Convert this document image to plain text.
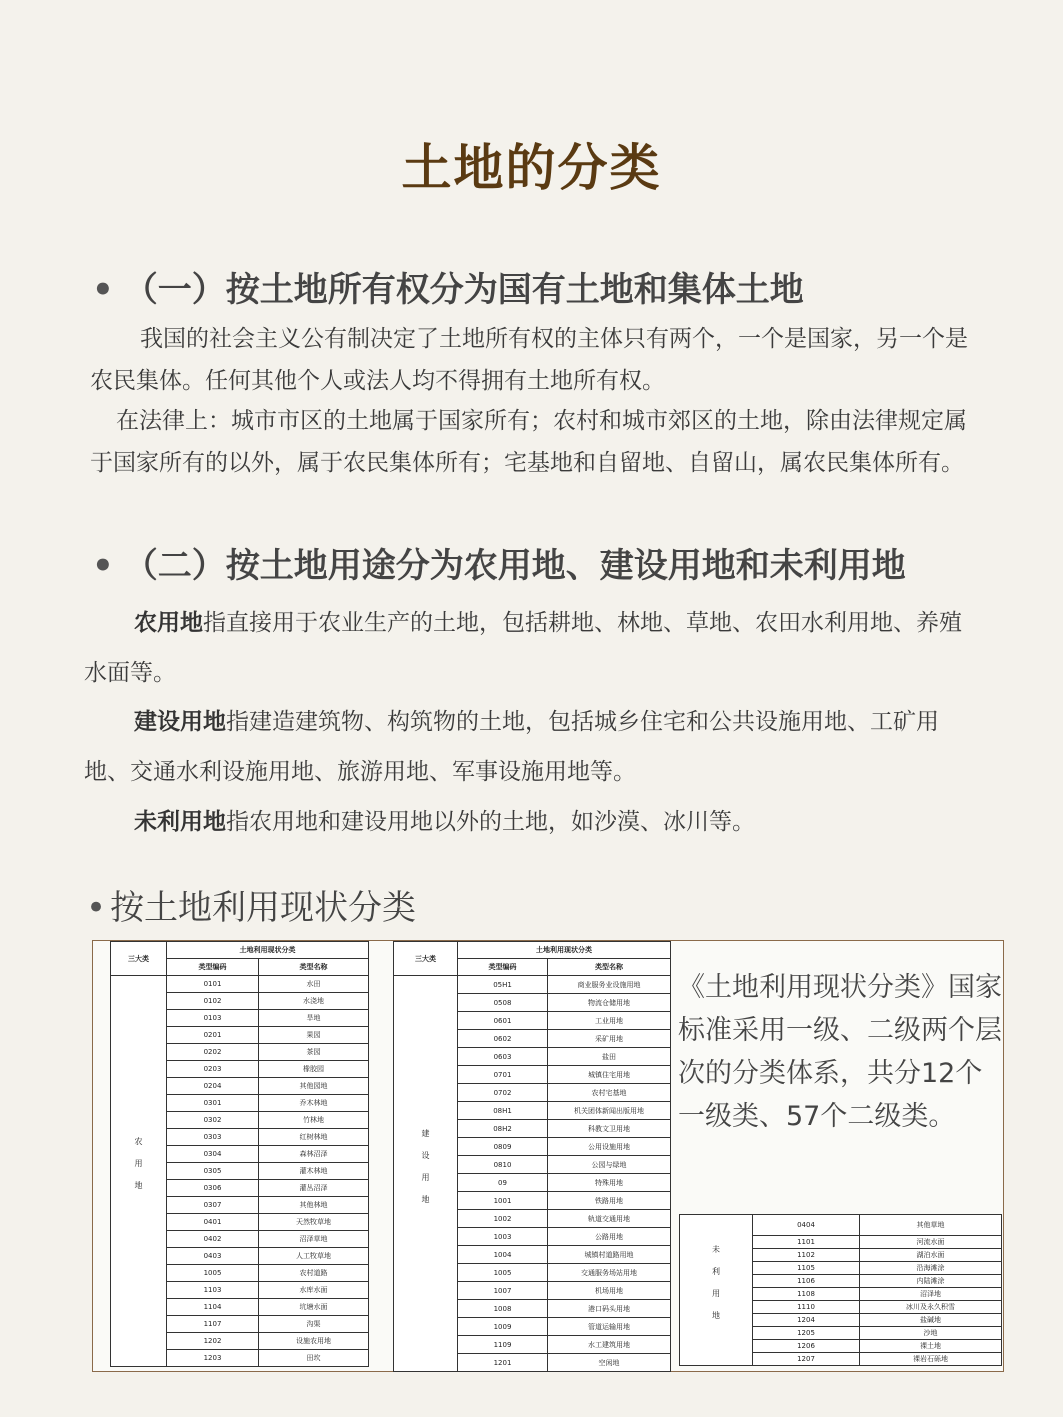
土地的分类
• （一）按土地所有权分为国有土地和集体土地
我国的社会主义公有制决定了土地所有权的主体只有两个，一个是国家，另一个是农民集体。任何其他个人或法人均不得拥有土地所有权。
在法律上：城市市区的土地属于国家所有；农村和城市郊区的土地，除由法律规定属于国家所有的以外，属于农民集体所有；宅基地和自留地、自留山，属农民集体所有。
• （二）按土地用途分为农用地、建设用地和未利用地
农用地指直接用于农业生产的土地，包括耕地、林地、草地、农田水利用地、养殖水面等。
建设用地指建造建筑物、构筑物的土地，包括城乡住宅和公共设施用地、工矿用地、交通水利设施用地、旅游用地、军事设施用地等。
未利用地指农用地和建设用地以外的土地，如沙漠、冰川等。
• 按土地利用现状分类
三大类	土地利用现状分类	
	类型编码	类型名称
农用地	0101	水田
	0102	水浇地
	0103	旱地
	0201	果园
	0202	茶园
	0203	橡胶园
	0204	其他园地
	0301	乔木林地
	0302	竹林地
	0303	红树林地
	0304	森林沼泽
	0305	灌木林地
	0306	灌丛沼泽
	0307	其他林地
	0401	天然牧草地
	0402	沼泽草地
	0403	人工牧草地
	1005	农村道路
	1103	水库水面
	1104	坑塘水面
	1107	沟渠
	1202	设施农用地
	1203	田坎
三大类	土地利用现状分类	
	类型编码	类型名称
建设用地	05H1	商业服务业设施用地
	0508	物流仓储用地
	0601	工业用地
	0602	采矿用地
	0603	盐田
	0701	城镇住宅用地
	0702	农村宅基地
	08H1	机关团体新闻出版用地
	08H2	科教文卫用地
	0809	公用设施用地
	0810	公园与绿地
	09	特殊用地
	1001	铁路用地
	1002	轨道交通用地
	1003	公路用地
	1004	城镇村道路用地
	1005	交通服务场站用地
	1007	机场用地
	1008	港口码头用地
	1009	管道运输用地
	1109	水工建筑用地
	1201	空闲地
《土地利用现状分类》国家标准采用一级、二级两个层次的分类体系，共分12个一级类、57个二级类。
未利用地	0404	其他草地
	1101	河流水面
	1102	湖泊水面
	1105	沿海滩涂
	1106	内陆滩涂
	1108	沼泽地
	1110	冰川及永久积雪
	1204	盐碱地
	1205	沙地
	1206	裸土地
	1207	裸岩石砾地
